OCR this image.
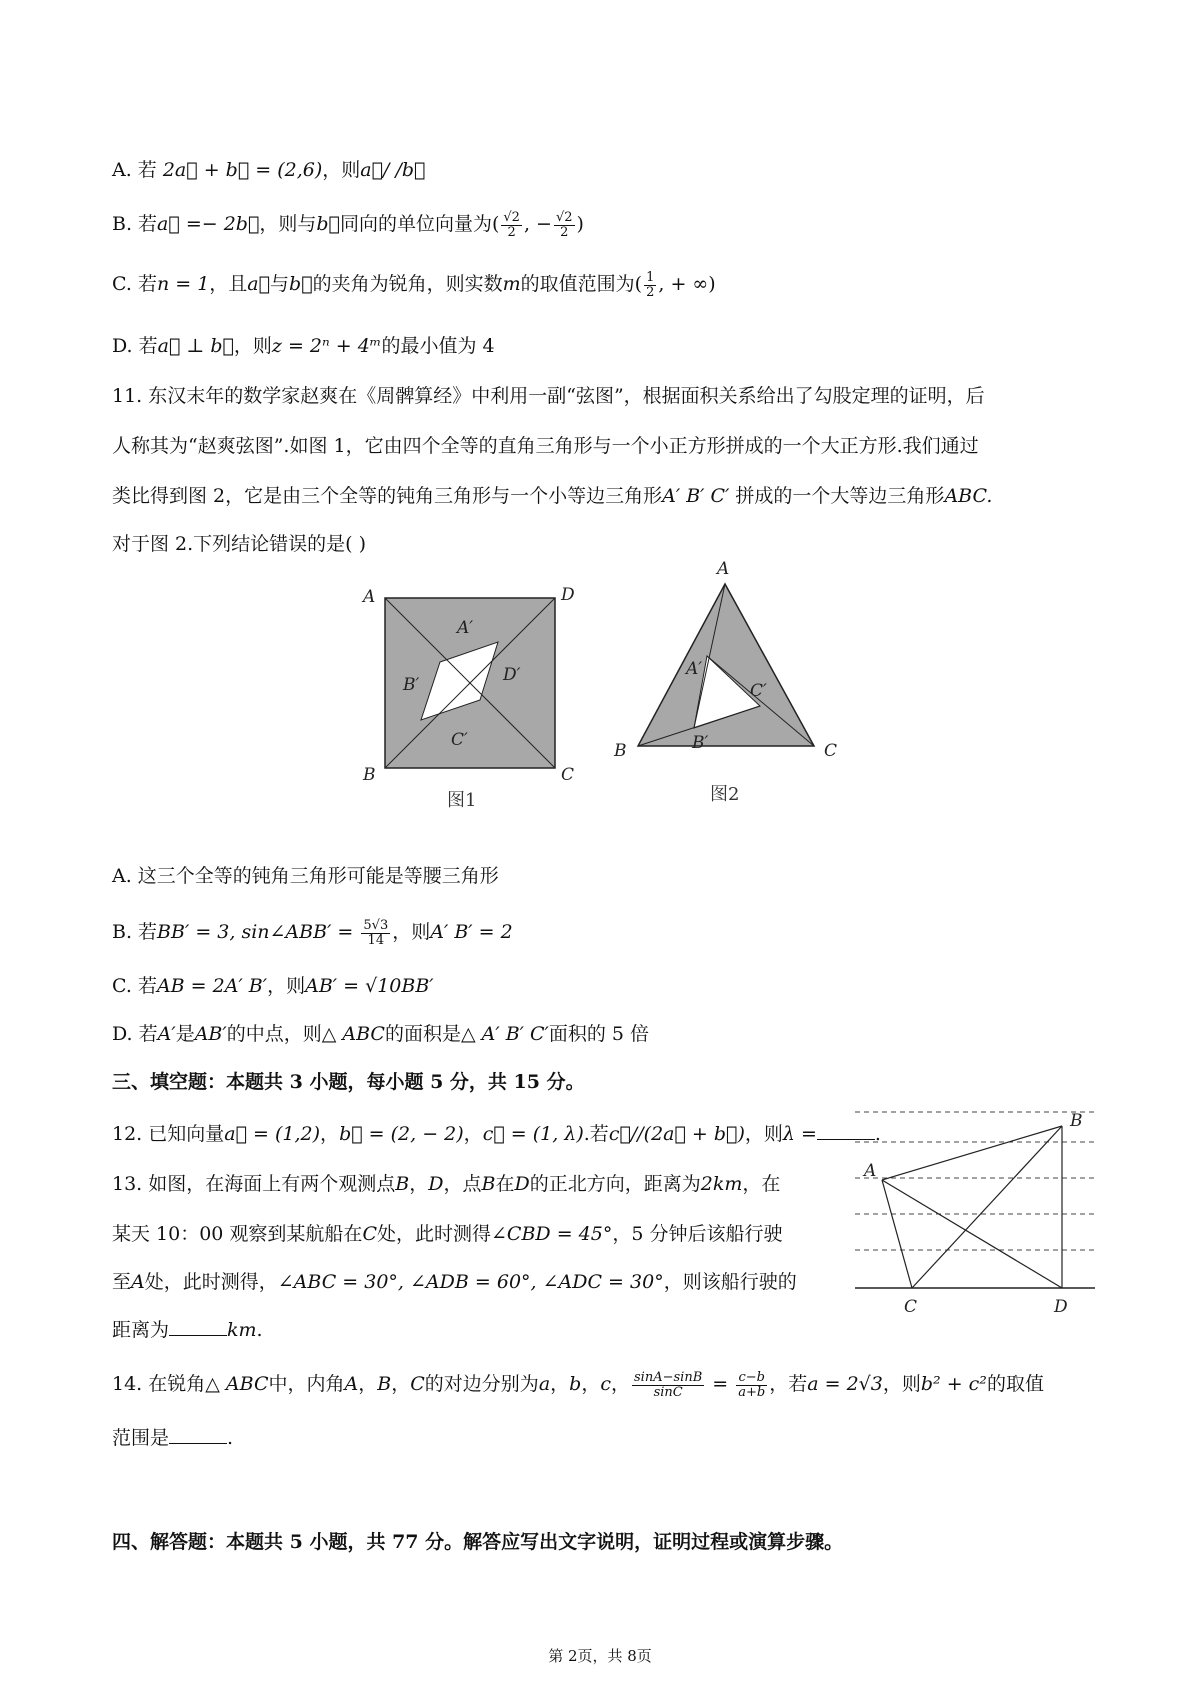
A. 若 2a⃗ + b⃗ = (2,6)，则a⃗/ /b⃗
B. 若a⃗ =− 2b⃗，则与b⃗同向的单位向量为( $\frac{√2}{2}$ , − $\frac{√2}{2}$ )
C. 若n = 1，且a⃗与b⃗的夹角为锐角，则实数m的取值范围为( $\frac{1}{2}$ , + ∞)
D. 若a⃗ ⊥ b⃗，则z = 2ⁿ + 4ᵐ的最小值为 4
11. 东汉末年的数学家赵爽在《周髀算经》中利用一副“弦图”，根据面积关系给出了勾股定理的证明，后
人称其为“赵爽弦图”.如图 1，它由四个全等的直角三角形与一个小正方形拼成的一个大正方形.我们通过
类比得到图 2，它是由三个全等的钝角三角形与一个小等边三角形A′ B′ C′ 拼成的一个大等边三角形ABC.
对于图 2.下列结论错误的是( )
A	D
B	C
A′
B′	D′
C′
图1
A
B	C
A′
C′
B′
图2
A. 这三个全等的钝角三角形可能是等腰三角形
B. 若BB′ = 3, sin∠ABB′ = $\frac{5√3}{14}$ ，则A′ B′ = 2
C. 若AB = 2A′ B′，则AB′ = √10BB′
D. 若A′是AB′的中点，则△ ABC的面积是△ A′ B′ C′面积的 5 倍
三、填空题：本题共 3 小题，每小题 5 分，共 15 分。
12. 已知向量a⃗ = (1,2)，b⃗ = (2, − 2)，c⃗ = (1, λ).若c⃗//(2a⃗ + b⃗)，则λ =	.
13. 如图，在海面上有两个观测点B，D，点B在D的正北方向，距离为2km，在
某天 10：00 观察到某航船在C处，此时测得∠CBD = 45°，5 分钟后该船行驶
至A处，此时测得，∠ABC = 30°, ∠ADB = 60°, ∠ADC = 30°，则该船行驶的
距离为	km.
A
B
C	D
14. 在锐角△ ABC中，内角A，B，C的对边分别为a，b，c， $\frac{\sin A-\sin B}{\sin C} = \frac{c-b}{a+b}$ ，若a = 2√3，则b² + c²的取值
范围是	.
四、解答题：本题共 5 小题，共 77 分。解答应写出文字说明，证明过程或演算步骤。
第 2页，共 8页
